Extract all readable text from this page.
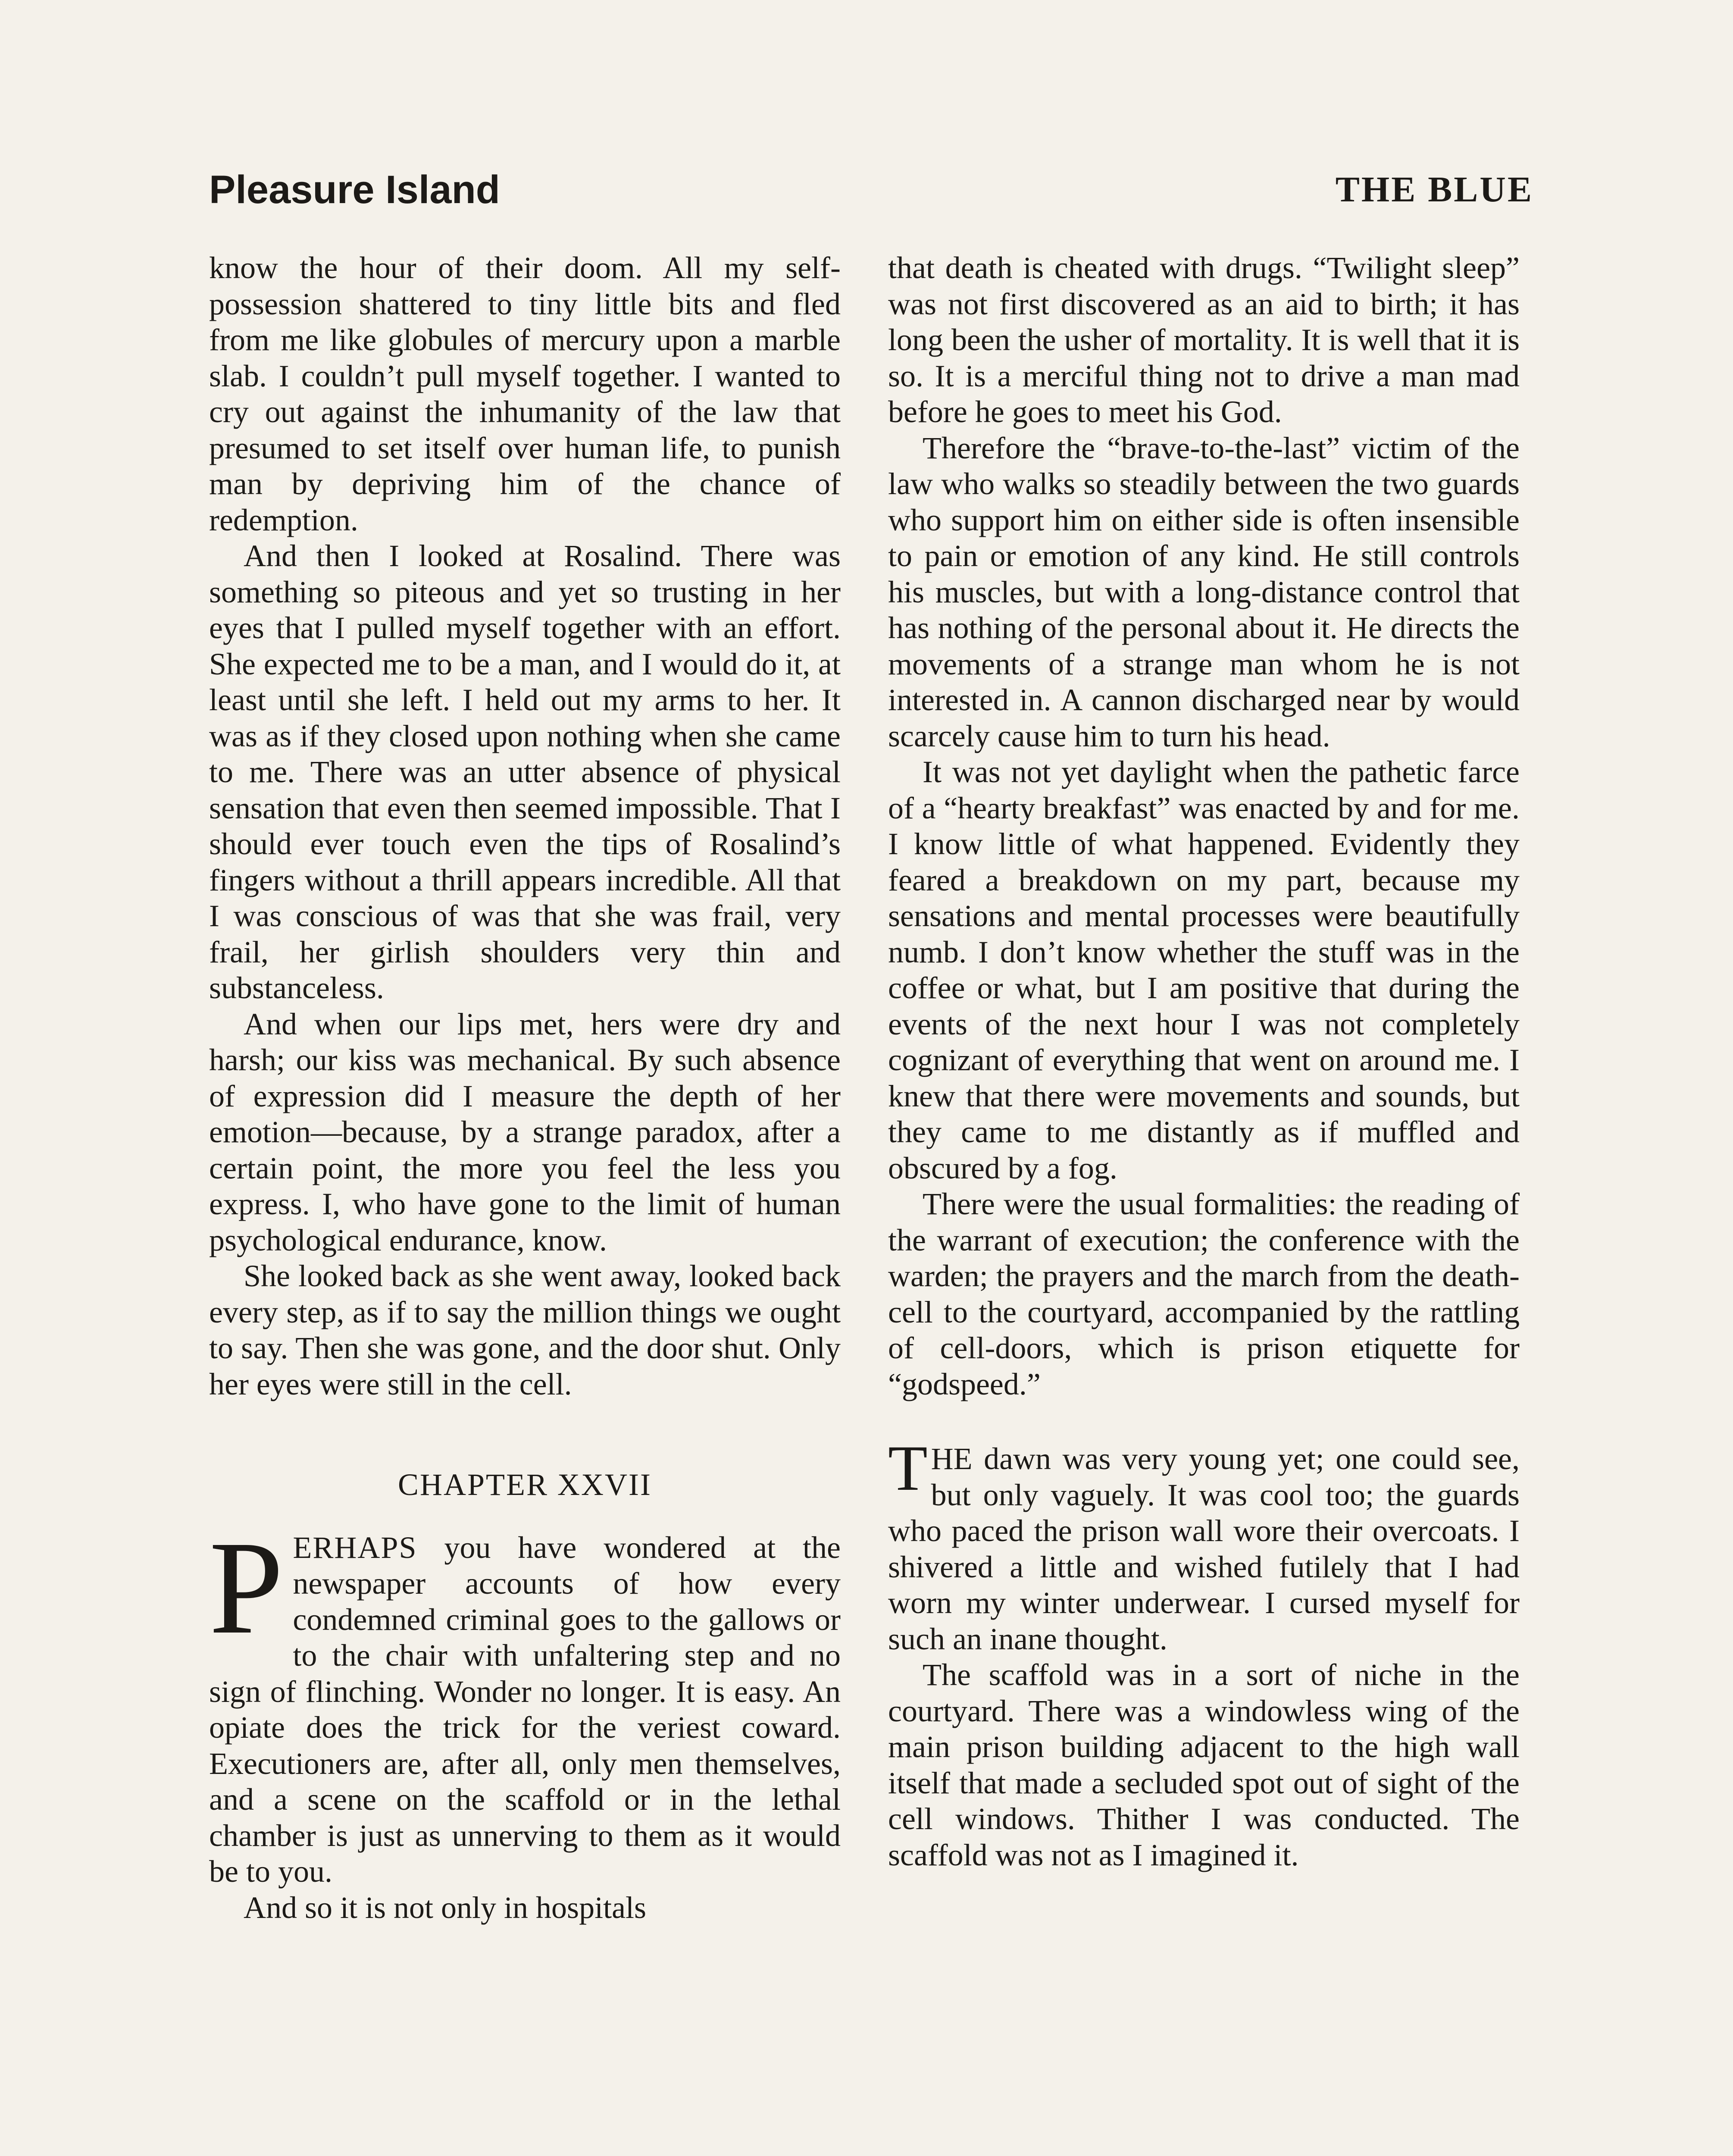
Pleasure Island	THE BLUE

know the hour of their doom. All my self-possession shattered to tiny little bits and fled from me like globules of mercury upon a marble slab. I couldn’t pull myself together. I wanted to cry out against the inhumanity of the law that presumed to set itself over human life, to punish man by depriving him of the chance of redemption.

And then I looked at Rosalind. There was something so piteous and yet so trusting in her eyes that I pulled myself together with an effort. She expected me to be a man, and I would do it, at least until she left. I held out my arms to her. It was as if they closed upon nothing when she came to me. There was an utter absence of physical sensation that even then seemed impossible. That I should ever touch even the tips of Rosalind’s fingers without a thrill appears incredible. All that I was conscious of was that she was frail, very frail, her girlish shoulders very thin and substanceless.

And when our lips met, hers were dry and harsh; our kiss was mechanical. By such absence of expression did I measure the depth of her emotion—because, by a strange paradox, after a certain point, the more you feel the less you express. I, who have gone to the limit of human psychological endurance, know.

She looked back as she went away, looked back every step, as if to say the million things we ought to say. Then she was gone, and the door shut. Only her eyes were still in the cell.

CHAPTER XXVII

PERHAPS you have wondered at the newspaper accounts of how every condemned criminal goes to the gallows or to the chair with unfaltering step and no sign of flinching. Wonder no longer. It is easy. An opiate does the trick for the veriest coward. Executioners are, after all, only men themselves, and a scene on the scaffold or in the lethal chamber is just as unnerving to them as it would be to you.

And so it is not only in hospitals

that death is cheated with drugs. “Twilight sleep” was not first discovered as an aid to birth; it has long been the usher of mortality. It is well that it is so. It is a merciful thing not to drive a man mad before he goes to meet his God.

Therefore the “brave-to-the-last” victim of the law who walks so steadily between the two guards who support him on either side is often insensible to pain or emotion of any kind. He still controls his muscles, but with a long-distance control that has nothing of the personal about it. He directs the movements of a strange man whom he is not interested in. A cannon discharged near by would scarcely cause him to turn his head.

It was not yet daylight when the pathetic farce of a “hearty breakfast” was enacted by and for me. I know little of what happened. Evidently they feared a breakdown on my part, because my sensations and mental processes were beautifully numb. I don’t know whether the stuff was in the coffee or what, but I am positive that during the events of the next hour I was not completely cognizant of everything that went on around me. I knew that there were movements and sounds, but they came to me distantly as if muffled and obscured by a fog.

There were the usual formalities: the reading of the warrant of execution; the conference with the warden; the prayers and the march from the death-cell to the courtyard, accompanied by the rattling of cell-doors, which is prison etiquette for “godspeed.”

THE dawn was very young yet; one could see, but only vaguely. It was cool too; the guards who paced the prison wall wore their overcoats. I shivered a little and wished futilely that I had worn my winter underwear. I cursed myself for such an inane thought.

The scaffold was in a sort of niche in the courtyard. There was a windowless wing of the main prison building adjacent to the high wall itself that made a secluded spot out of sight of the cell windows. Thither I was conducted. The scaffold was not as I imagined it.
